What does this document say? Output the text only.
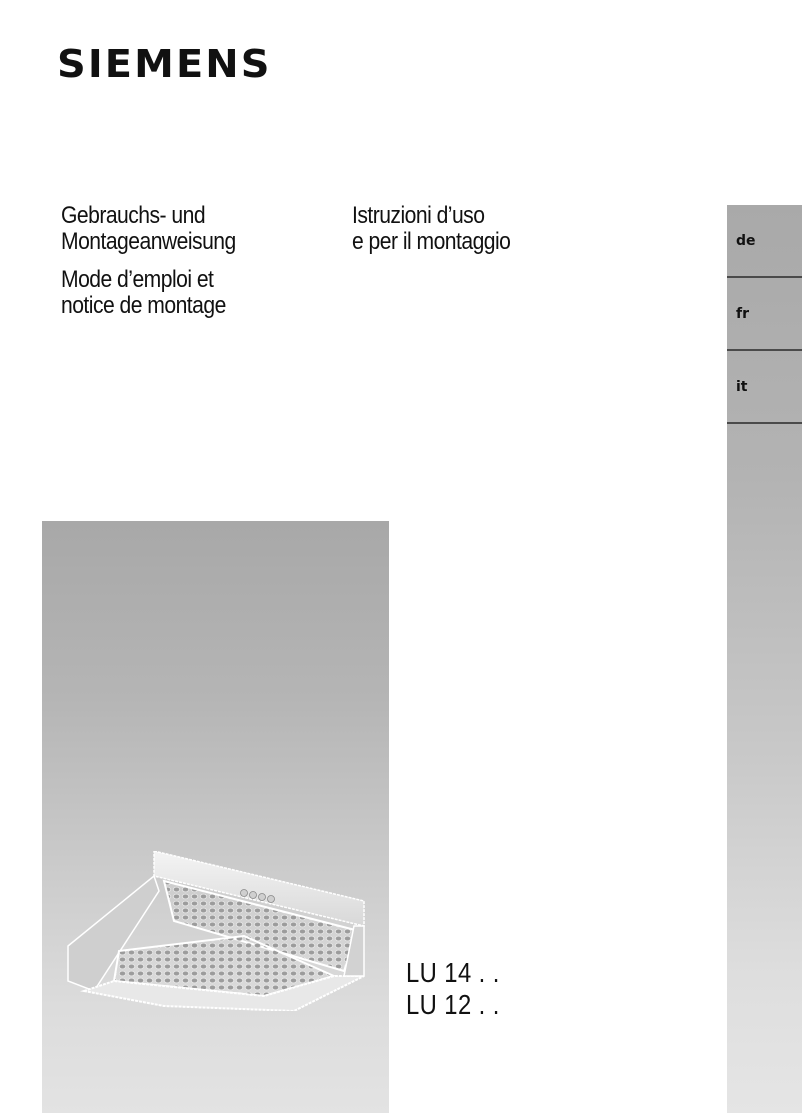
SIEMENS
Gebrauchs- und
Montageanweisung
Mode d’emploi et
notice de montage
Istruzioni d’uso
e per il montaggio	de
fr
it
LU 14 . .
LU 12 . .
